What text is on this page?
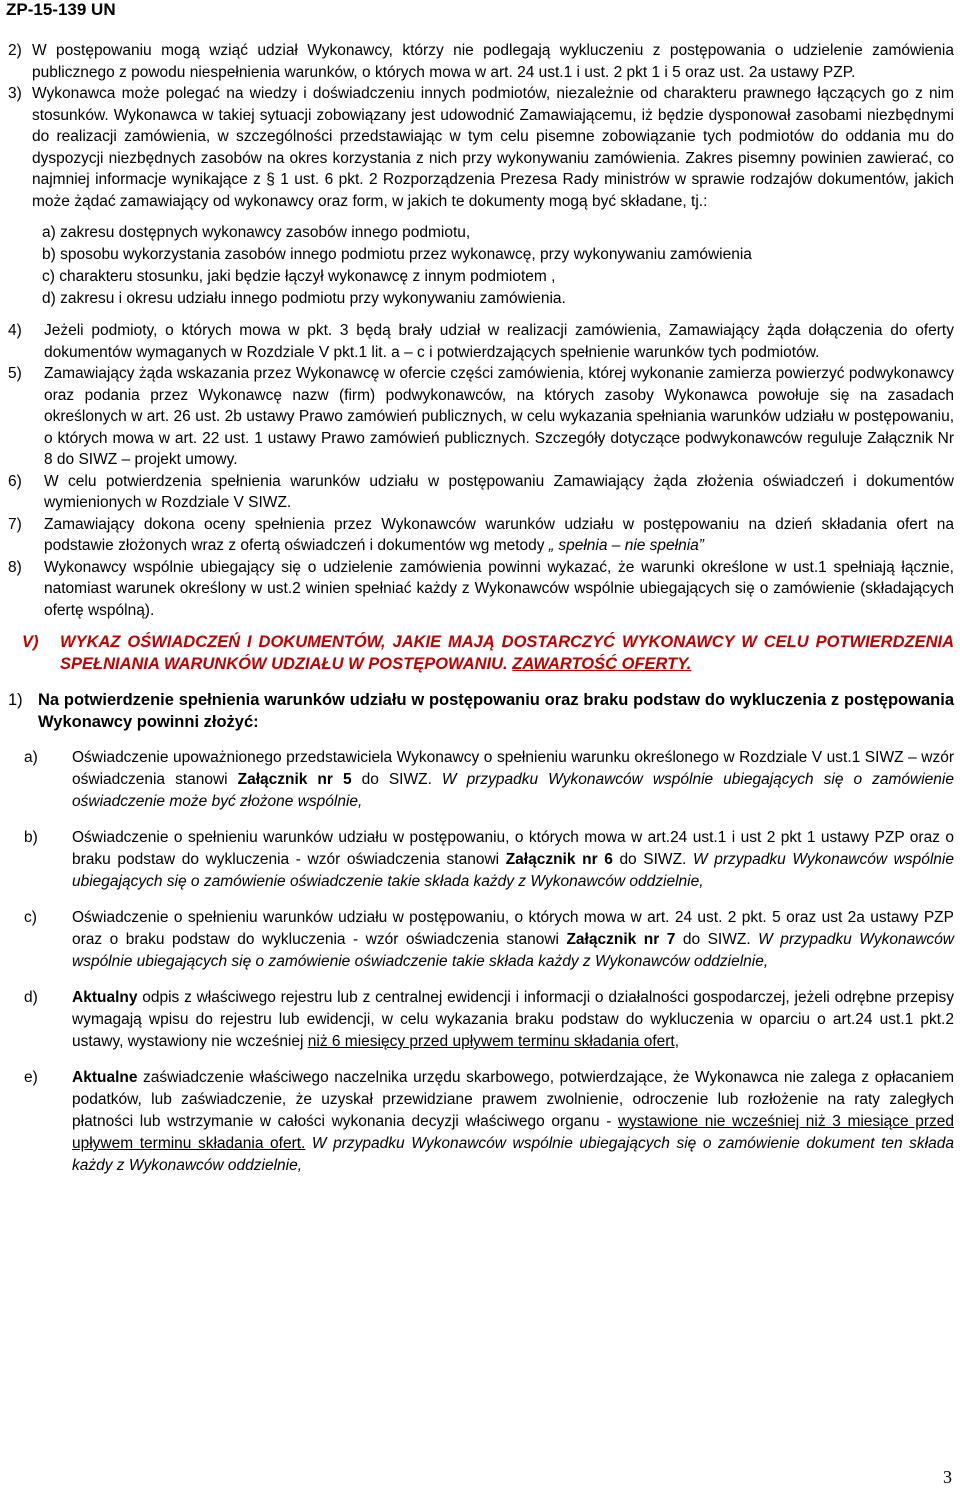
ZP-15-139 UN
2) W postępowaniu mogą wziąć udział Wykonawcy, którzy nie podlegają wykluczeniu z postępowania o udzielenie zamówienia publicznego z powodu niespełnienia warunków, o których mowa w art. 24 ust.1 i ust. 2 pkt 1 i 5 oraz ust. 2a ustawy PZP.
3) Wykonawca może polegać na wiedzy i doświadczeniu innych podmiotów, niezależnie od charakteru prawnego łączących go z nim stosunków. Wykonawca w takiej sytuacji zobowiązany jest udowodnić Zamawiającemu, iż będzie dysponował zasobami niezbędnymi do realizacji zamówienia, w szczególności przedstawiając w tym celu pisemne zobowiązanie tych podmiotów do oddania mu do dyspozycji niezbędnych zasobów na okres korzystania z nich przy wykonywaniu zamówienia. Zakres pisemny powinien zawierać, co najmniej informacje wynikające z § 1 ust. 6 pkt. 2 Rozporządzenia Prezesa Rady ministrów w sprawie rodzajów dokumentów, jakich może żądać zamawiający od wykonawcy oraz form, w jakich te dokumenty mogą być składane, tj.:
a) zakresu dostępnych wykonawcy zasobów innego podmiotu,
b) sposobu wykorzystania zasobów innego podmiotu przez wykonawcę, przy wykonywaniu zamówienia
c) charakteru stosunku, jaki będzie łączył wykonawcę z innym podmiotem ,
d) zakresu i okresu udziału innego podmiotu przy wykonywaniu zamówienia.
4)	Jeżeli podmioty, o których mowa w pkt. 3 będą brały udział w realizacji zamówienia, Zamawiający żąda dołączenia do oferty dokumentów wymaganych w Rozdziale V pkt.1 lit. a – c i potwierdzających spełnienie warunków tych podmiotów.
5)	Zamawiający żąda wskazania przez Wykonawcę w ofercie części zamówienia, której wykonanie zamierza powierzyć podwykonawcy oraz podania przez Wykonawcę nazw (firm) podwykonawców, na których zasoby Wykonawca powołuje się na zasadach określonych w art. 26 ust. 2b ustawy Prawo zamówień publicznych, w celu wykazania spełniania warunków udziału w postępowaniu, o których mowa w art. 22 ust. 1 ustawy Prawo zamówień publicznych. Szczegóły dotyczące podwykonawców reguluje Załącznik Nr 8 do SIWZ – projekt umowy.
6)	W celu potwierdzenia spełnienia warunków udziału w postępowaniu Zamawiający żąda złożenia oświadczeń i dokumentów wymienionych w Rozdziale V SIWZ.
7)	Zamawiający dokona oceny spełnienia przez Wykonawców warunków udziału w postępowaniu na dzień składania ofert na podstawie złożonych wraz z ofertą oświadczeń i dokumentów wg metody „ spełnia – nie spełnia”
8)	Wykonawcy wspólnie ubiegający się o udzielenie zamówienia powinni wykazać, że warunki określone w ust.1 spełniają łącznie, natomiast warunek określony w ust.2 winien spełniać każdy z Wykonawców wspólnie ubiegających się o zamówienie (składających ofertę wspólną).
V)	WYKAZ OŚWIADCZEŃ I DOKUMENTÓW, JAKIE MAJĄ DOSTARCZYĆ WYKONAWCY W CELU POTWIERDZENIA SPEŁNIANIA WARUNKÓW UDZIAŁU W POSTĘPOWANIU. ZAWARTOŚĆ OFERTY.
1) Na potwierdzenie spełnienia warunków udziału w postępowaniu oraz braku podstaw do wykluczenia z postępowania Wykonawcy powinni złożyć:
a)	Oświadczenie upoważnionego przedstawiciela Wykonawcy o spełnieniu warunku określonego w Rozdziale V ust.1 SIWZ – wzór oświadczenia stanowi Załącznik nr 5 do SIWZ. W przypadku Wykonawców wspólnie ubiegających się o zamówienie oświadczenie może być złożone wspólnie,
b)	Oświadczenie o spełnieniu warunków udziału w postępowaniu, o których mowa w art.24 ust.1 i ust 2 pkt 1 ustawy PZP oraz o braku podstaw do wykluczenia - wzór oświadczenia stanowi Załącznik nr 6 do SIWZ. W przypadku Wykonawców wspólnie ubiegających się o zamówienie oświadczenie takie składa każdy z Wykonawców oddzielnie,
c)	Oświadczenie o spełnieniu warunków udziału w postępowaniu, o których mowa w art. 24 ust. 2 pkt. 5 oraz ust 2a ustawy PZP oraz o braku podstaw do wykluczenia - wzór oświadczenia stanowi Załącznik nr 7 do SIWZ. W przypadku Wykonawców wspólnie ubiegających się o zamówienie oświadczenie takie składa każdy z Wykonawców oddzielnie,
d)	Aktualny odpis z właściwego rejestru lub z centralnej ewidencji i informacji o działalności gospodarczej, jeżeli odrębne przepisy wymagają wpisu do rejestru lub ewidencji, w celu wykazania braku podstaw do wykluczenia w oparciu o art.24 ust.1 pkt.2 ustawy, wystawiony nie wcześniej niż 6 miesięcy przed upływem terminu składania ofert,
e)	Aktualne zaświadczenie właściwego naczelnika urzędu skarbowego, potwierdzające, że Wykonawca nie zalega z opłacaniem podatków, lub zaświadczenie, że uzyskał przewidziane prawem zwolnienie, odroczenie lub rozłożenie na raty zaległych płatności lub wstrzymanie w całości wykonania decyzji właściwego organu - wystawione nie wcześniej niż 3 miesiące przed upływem terminu składania ofert. W przypadku Wykonawców wspólnie ubiegających się o zamówienie dokument ten składa każdy z Wykonawców oddzielnie,
3
